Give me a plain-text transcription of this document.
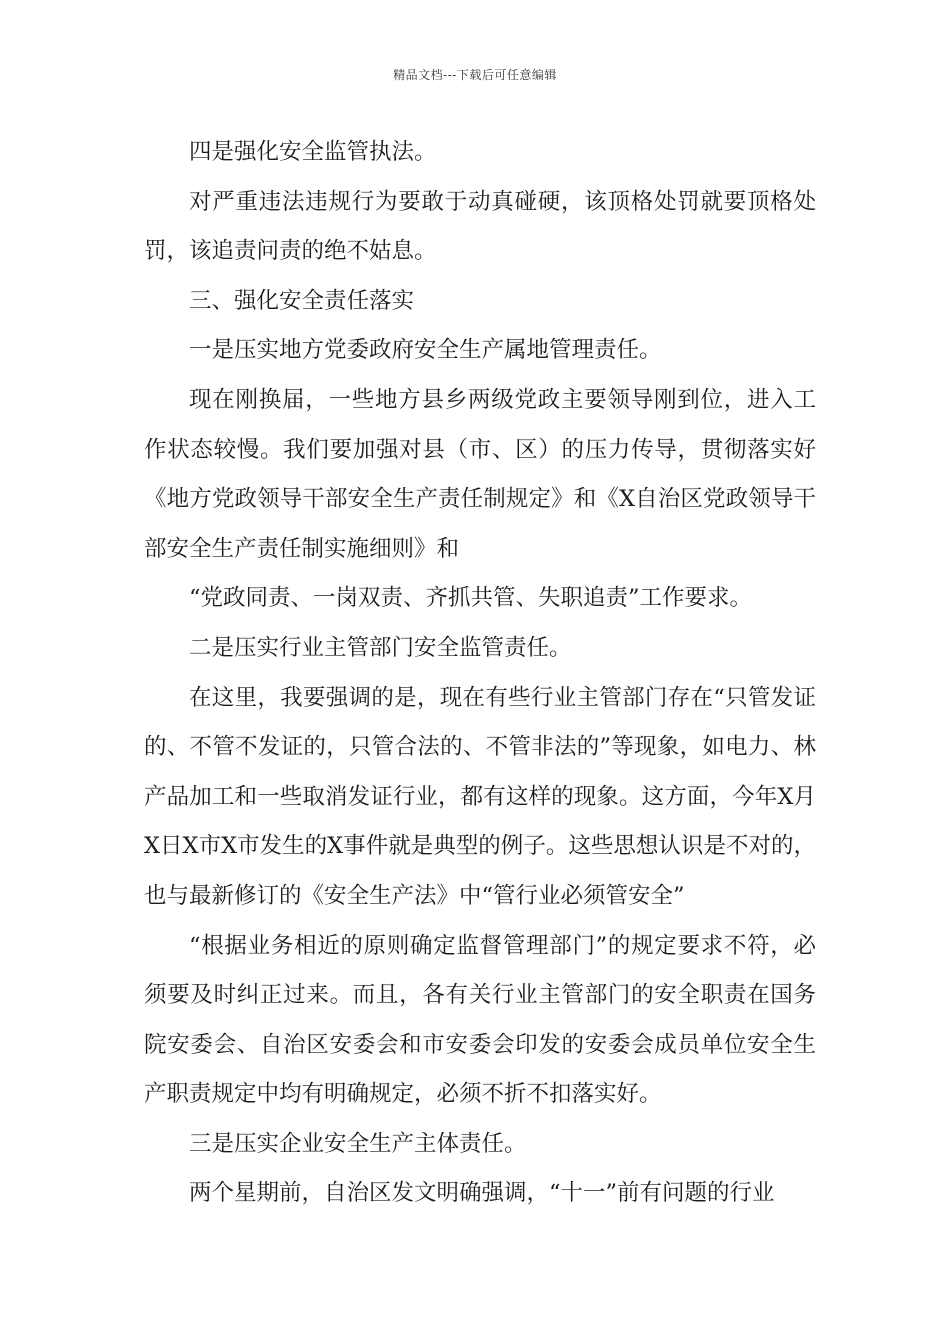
精品文档---下载后可任意编辑

四是强化安全监管执法。

对严重违法违规行为要敢于动真碰硬，该顶格处罚就要顶格处罚，该追责问责的绝不姑息。

三、强化安全责任落实

一是压实地方党委政府安全生产属地管理责任。

现在刚换届，一些地方县乡两级党政主要领导刚到位，进入工作状态较慢。我们要加强对县（市、区）的压力传导，贯彻落实好《地方党政领导干部安全生产责任制规定》和《X自治区党政领导干部安全生产责任制实施细则》和

“党政同责、一岗双责、齐抓共管、失职追责”工作要求。

二是压实行业主管部门安全监管责任。

在这里，我要强调的是，现在有些行业主管部门存在“只管发证的、不管不发证的，只管合法的、不管非法的”等现象，如电力、林产品加工和一些取消发证行业，都有这样的现象。这方面，今年X月X日X市X市发生的X事件就是典型的例子。这些思想认识是不对的，也与最新修订的《安全生产法》中“管行业必须管安全”

“根据业务相近的原则确定监督管理部门”的规定要求不符，必须要及时纠正过来。而且，各有关行业主管部门的安全职责在国务院安委会、自治区安委会和市安委会印发的安委会成员单位安全生产职责规定中均有明确规定，必须不折不扣落实好。

三是压实企业安全生产主体责任。

两个星期前，自治区发文明确强调，“十一”前有问题的行业
